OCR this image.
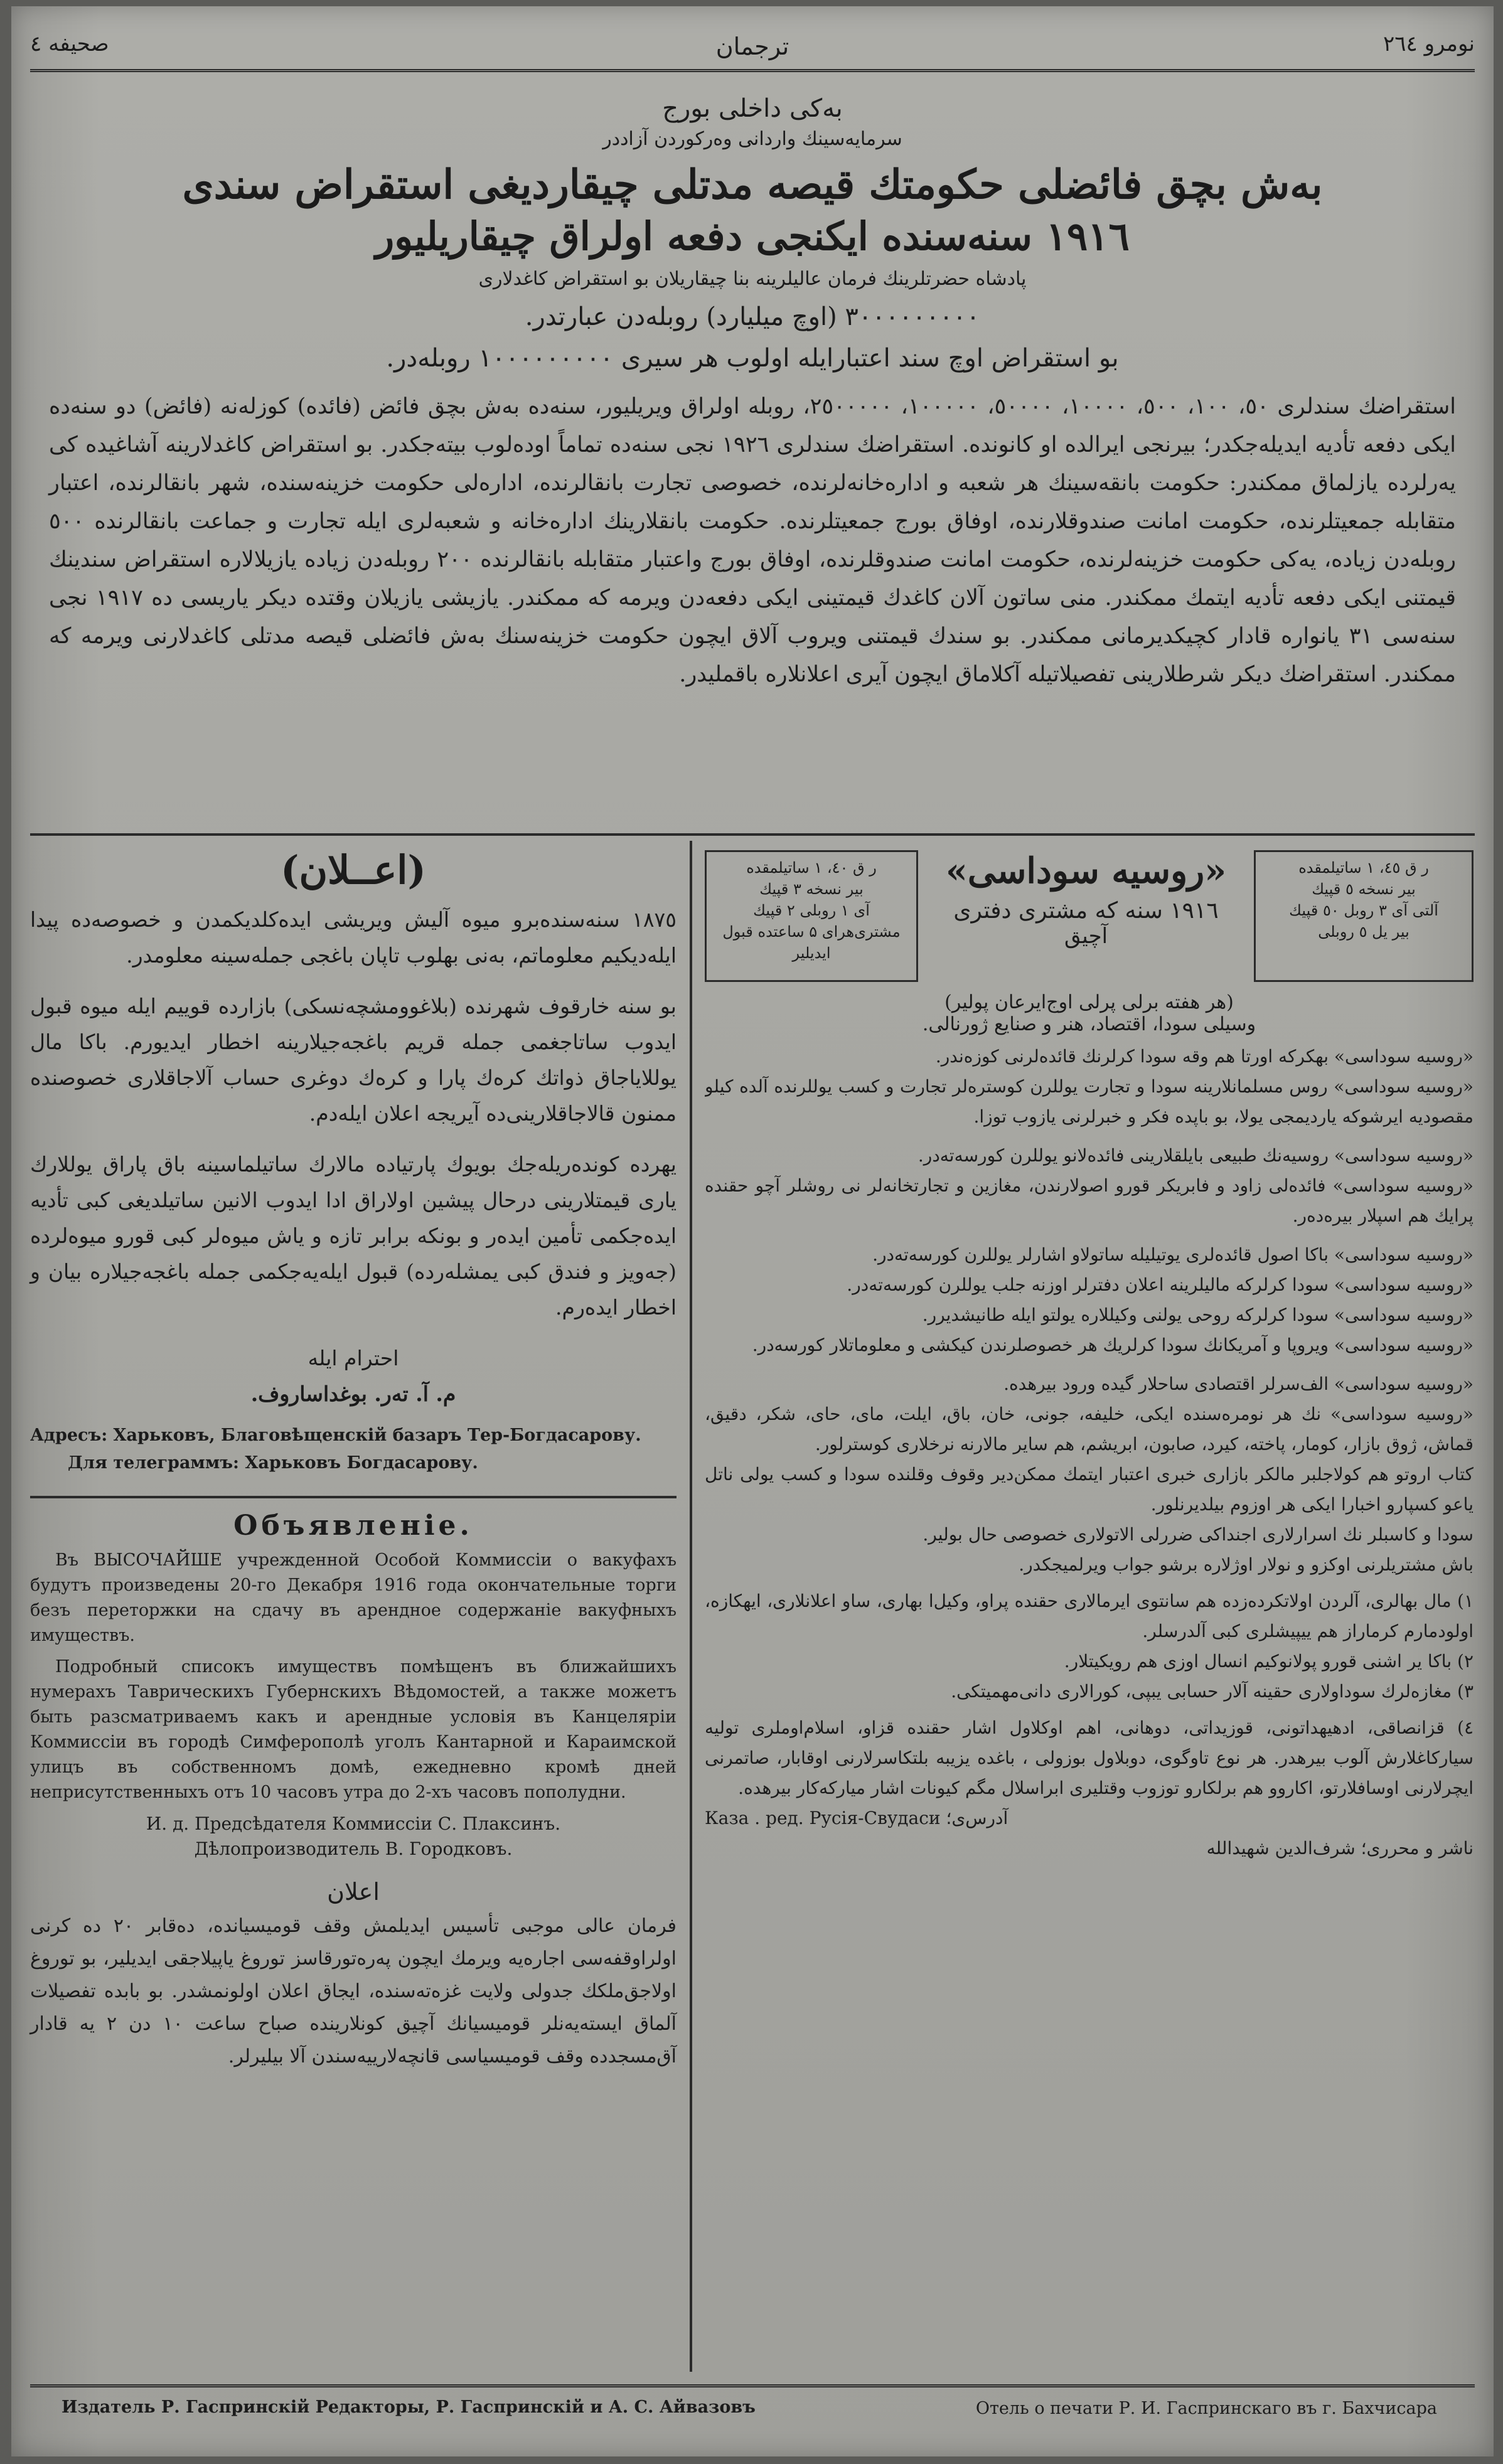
صحیفه ٤	ترجمان	نومرو ٢٦٤
بەکی داخلی بورج
سرمایەسینك واردانی وەرکوردن آزاددر
بەش بچق فائضلی حکومتك قیصه مدتلی چیقاردیغی استقراض سندی
١٩١٦ سنەسندە ایکنجی دفعه اولراق چیقاریلیور
پادشاه حضرتلرینك فرمان عالیلرینه بنا چیقاریلان بو استقراض کاغدلاری
٣٠٠٠٠٠٠٠٠٠ (اوچ میلیارد) روبلەدن عبارتدر.
بو استقراض اوچ سند اعتبارایلە اولوب هر سیری ١٠٠٠٠٠٠٠٠٠ روبلەدر.
استقراضك سندلری ٥٠، ١٠٠، ٥٠٠، ١٠٠٠٠، ٥٠٠٠٠، ١٠٠٠٠٠، ٢٥٠٠٠٠٠، روبلە اولراق ویریلیور، سنەدە بەش بچق فائض (فائدە) کوزلەنە (فائض) دو سنەدە ایکی دفعه تأدیه ایدیلەجکدر؛ بیرنجی ایرالدە او کانونده. استقراضك سندلری ١٩٢٦ نجی سنەدە تماماً اودەلوب بیتەجکدر. بو استقراض کاغدلارینه آشاغیدە کی یەرلردە یازلماق ممکندر: حکومت بانقەسینك هر شعبه و ادارەخانەلرندە، خصوصی تجارت بانقالرندە، ادارەلی حکومت خزینەسندە، شهر بانقالرندە، اعتبار متقابله جمعیتلرندە، حکومت امانت صندوقلارندە، اوفاق بورج جمعیتلرندە. حکومت بانقلارینك ادارەخانه و شعبەلری ایله تجارت و جماعت بانقالرندە ٥٠٠ روبلەدن زیادە، یەکی حکومت خزینەلرندە، حکومت امانت صندوقلرندە، اوفاق بورج واعتبار متقابله بانقالرندە ٢٠٠ روبلەدن زیادە یازیلالاره استقراض سندینك قیمتنی ایکی دفعه تأدیه ایتمك ممکندر. منی ساتون آلان کاغدك قیمتینی ایکی دفعەدن ویرمه که ممکندر. یازیشی یازیلان وقتدە دیکر یاریسی دە ١٩١٧ نجی سنەسی ٣١ یانوارە قادار کچیکدیرمانی ممکندر. بو سندك قیمتنی ویروب آلاق ایچون حکومت خزینەسنك بەش فائضلی قیصه مدتلی کاغدلارنی ویرمه که ممکندر. استقراضك دیکر شرطلارینی تفصیلاتیله آکلاماق ایچون آیری اعلانلاره باقملیدر.
(اعــلان)
١٨٧٥ سنەسندەبرو میوە آلیش ویریشی ایدەکلدیکمدن و خصوصەدە پیدا ایلەدیکیم معلوماتم، بەنی بهلوب تاپان باغجی جملەسینه معلومدر.
بو سنه خارقوف شهرندە (بلاغوومشچەنسکی) بازاردە قوییم ایله میوه قبول ایدوب ساتاجغمی جمله قریم باغجەجیلارینە اخطار ایدیورم. باکا مال یوللایاجاق ذواتك کرەك پارا و کرەك دوغری حساب آلاجاقلاری خصوصنده ممنون قالاجاقلارینی‌دە آیریجه اعلان ایلەدم.
یهردە کوندەریلەجك بویوك پارتیادە مالارك ساتیلماسینه باق پاراق یوللارك یاری قیمتلارینی درحال پیشین اولاراق ادا ایدوب الانین ساتیلدیغی کبی تأدیه ایدەجکمی تأمین ایدەر و بونکه برابر تازه و یاش میوەلر کبی قورو میوەلردە (جەویز و فندق کبی یمشلەر‌دە) قبول ایلەیەجکمی جمله باغجەجیلاره بیان و اخطار ایدەرم.
احترام ایلە
م. آ. تەر. بوغداساروف.
Адресъ: Харьковъ, Благовѣщенскій базаръ Тер-Богдасарову.
Для телеграммъ: Харьковъ Богдасарову.
Объявленіе.
Въ ВЫСОЧАЙШЕ учрежденной Особой Коммиссіи о вакуфахъ будутъ произведены 20-го Декабря 1916 года окончательные торги безъ переторжки на сдачу въ арендное содержаніе вакуфныхъ имуществъ.
Подробный списокъ имуществъ помѣщенъ въ ближайшихъ нумерахъ Таврическихъ Губернскихъ Вѣдомостей, а также можетъ быть разсматриваемъ какъ и арендные условія въ Канцеляріи Коммиссіи въ городѣ Симферополѣ уголъ Кантарной и Караимской улицъ въ собственномъ домѣ, ежедневно кромѣ дней неприсутственныхъ отъ 10 часовъ утра до 2-хъ часовъ пополудни.
И. д. Предсѣдателя Коммиссіи С. Плаксинъ.
Дѣлопроизводитель В. Городковъ.
اعلان
فرمان عالی موجبی تأسیس ایدیلمش وقف قومیسیانده، دەقابر ٢٠ دە کرنی اولراوقفەسی اجارەیه ویرمك ایچون پەرەتورقاسز توروغ یاپیلاجقی ایدیلیر، بو توروغ اولاجق‌ملکك جدولی ولایت غزەتەسندە، ایجاق اعلان اولونمشدر. بو بابدە تفصیلات آلماق ایستەیەنلر قومیسیانك آچیق کونلاریندە صباح ساعت ١٠ دن ٢ یە قادار آق‌مسجدده وقف قومیسیاسی قانچەلارییەسندن آلا بیلیرلر.
ر ق ٤٠، ١ ساتیلمقده
بیر نسخه ٣ قپیك
آی ١ روبلی ٢ قپیك
مشتری‌هرای ۵ ساعتده قبول اید‌یلیر
ر ق ٤٥، ١ ساتیلمقده
بیر نسخه ٥ قپیك
آلتی آی ٣ روبل ٥٠ قپیك
بیر یل ٥ روبلی
«روسیه سوداسی»
١٩١٦ سنه که مشتری دفتری
آچیق
(هر هفته برلی پرلی اوج‌ایرعان پولیر)
وسیلی سودا، اقتصاد، هنر و صنایع ژورنالی.
«روسیه سوداسی» بهکرکه اورتا هم وقه سودا کرلرنك قائدەلرنی کوزەندر.
«روسیه سوداسی» روس مسلمانلارینه سودا و تجارت یوللرن کوسترە‌لر تجارت و کسب یوللرنده آلدە کیلو مقصودیه ایرشوکه یاردیمجی یولا، بو باپده فکر و خبرلرنی یازوب توزا.
«روسیه سوداسی» روسیه‌نك طبیعی بایلقلارینی فائدەلانو یوللرن کورسەتەدر.
«روسیه سوداسی» فائدەلی زاود و فابریکر قورو اصولارندن، مغازین و تجارتخانه‌لر نی روشلر آچو حقنده پرایك هم اسپلار بیره‌دەر.
«روسیه سوداسی» باکا اصول قائدەلری یوتیلیله ساتولاو اشارلر یوللرن کورسه‌تەدر.
«روسیه سوداسی» سودا کرلرکه مالیلرینه اعلان دفترلر اوزنه جلب یوللرن کورسەتەدر.
«روسیه سوداسی» سودا کرلرکه روحی یولنی وکیللاره یولتو ایله طانیشدیرر.
«روسیه سوداسی» ویروپا و آمریکانك سودا کرلریك هر خصوصلرندن کیکشی و معلوماتلار کورسەدر.
«روسیه سوداسی» الف‌سرلر اقتصادی ساحلار گیده ورود بیرهده.
«روسیه سوداسی» نك هر نومرەسنده ایکی، خلیفه، جونی، خان، باق، ایلت، مای، حای، شکر، دقیق، قماش، ژوق بازار، کومار، پاخته، کیرد، صابون، ابریشم، هم سایر مالارنه نرخلاری کوسترلور.
کتاب اروتو هم کولاجلبر مالکر بازاری خبری اعتبار ایتمك ممکن‌دیر وقوف وقلنده سودا و کسب یولی ناتل یاعو کسپارو اخبارا ایکی هر اوزوم بیلدیرنلور.
سودا و کاسبلر نك اسرارلاری اجنداکی ضررلی الاتولاری خصوصی حال بولیر.
باش مشتریلرنی اوکزو و نولار اوژلاره برشو جواب ویرلمیجکدر.
١) مال بهالری، آلردن اولاتکرده‌زده ‌هم سانتوی ایرمالاری حقنده پراو، وکیل‌ا بهاری، ساو اعلانلاری، ایهکازه، اولودمارم کرماراز هم ییپیشلری کبی آلدرسلر.
٢) باکا یر اشنی قورو پولانو‌کیم انسال اوزی هم رویکیتلار.
٣) مغازەلرك سوداولاری حقینه آلار حسابی یبپی، کورالاری دانی‌مهمیتکی.
٤) قزانصاقی، ادهیهداتونی، قوزیداتی، دوهانی، اهم اوکلاول اشار حقنده قزاو، اسلام‌اوملری تولیه سیارکاغلارش آلوب بیرهدر. هر نوع تاوگوی، دوبلاول بوزولی ، باغده ‌یزیبه بلتکاسرلارنی اوقابار، صاتمرنی ایچرلارنی اوسافلارتو، ‌اکاروو هم برلکارو توزوب وقتلیری ابراسلال مگم کیونات اشار میارکه‌کار بیرهده.
آدرس‌ی؛ Каза . ред. Русія-Свудаси
ناشر و محرری؛ شرف‌الدین شهیدالله
Издатель Р. Гаспринскій Редакторы, Р. Гаспринскій и А. С. Айвазовъ	Отель о печати Р. И. Гаспринскаго въ г. Бахчисара
